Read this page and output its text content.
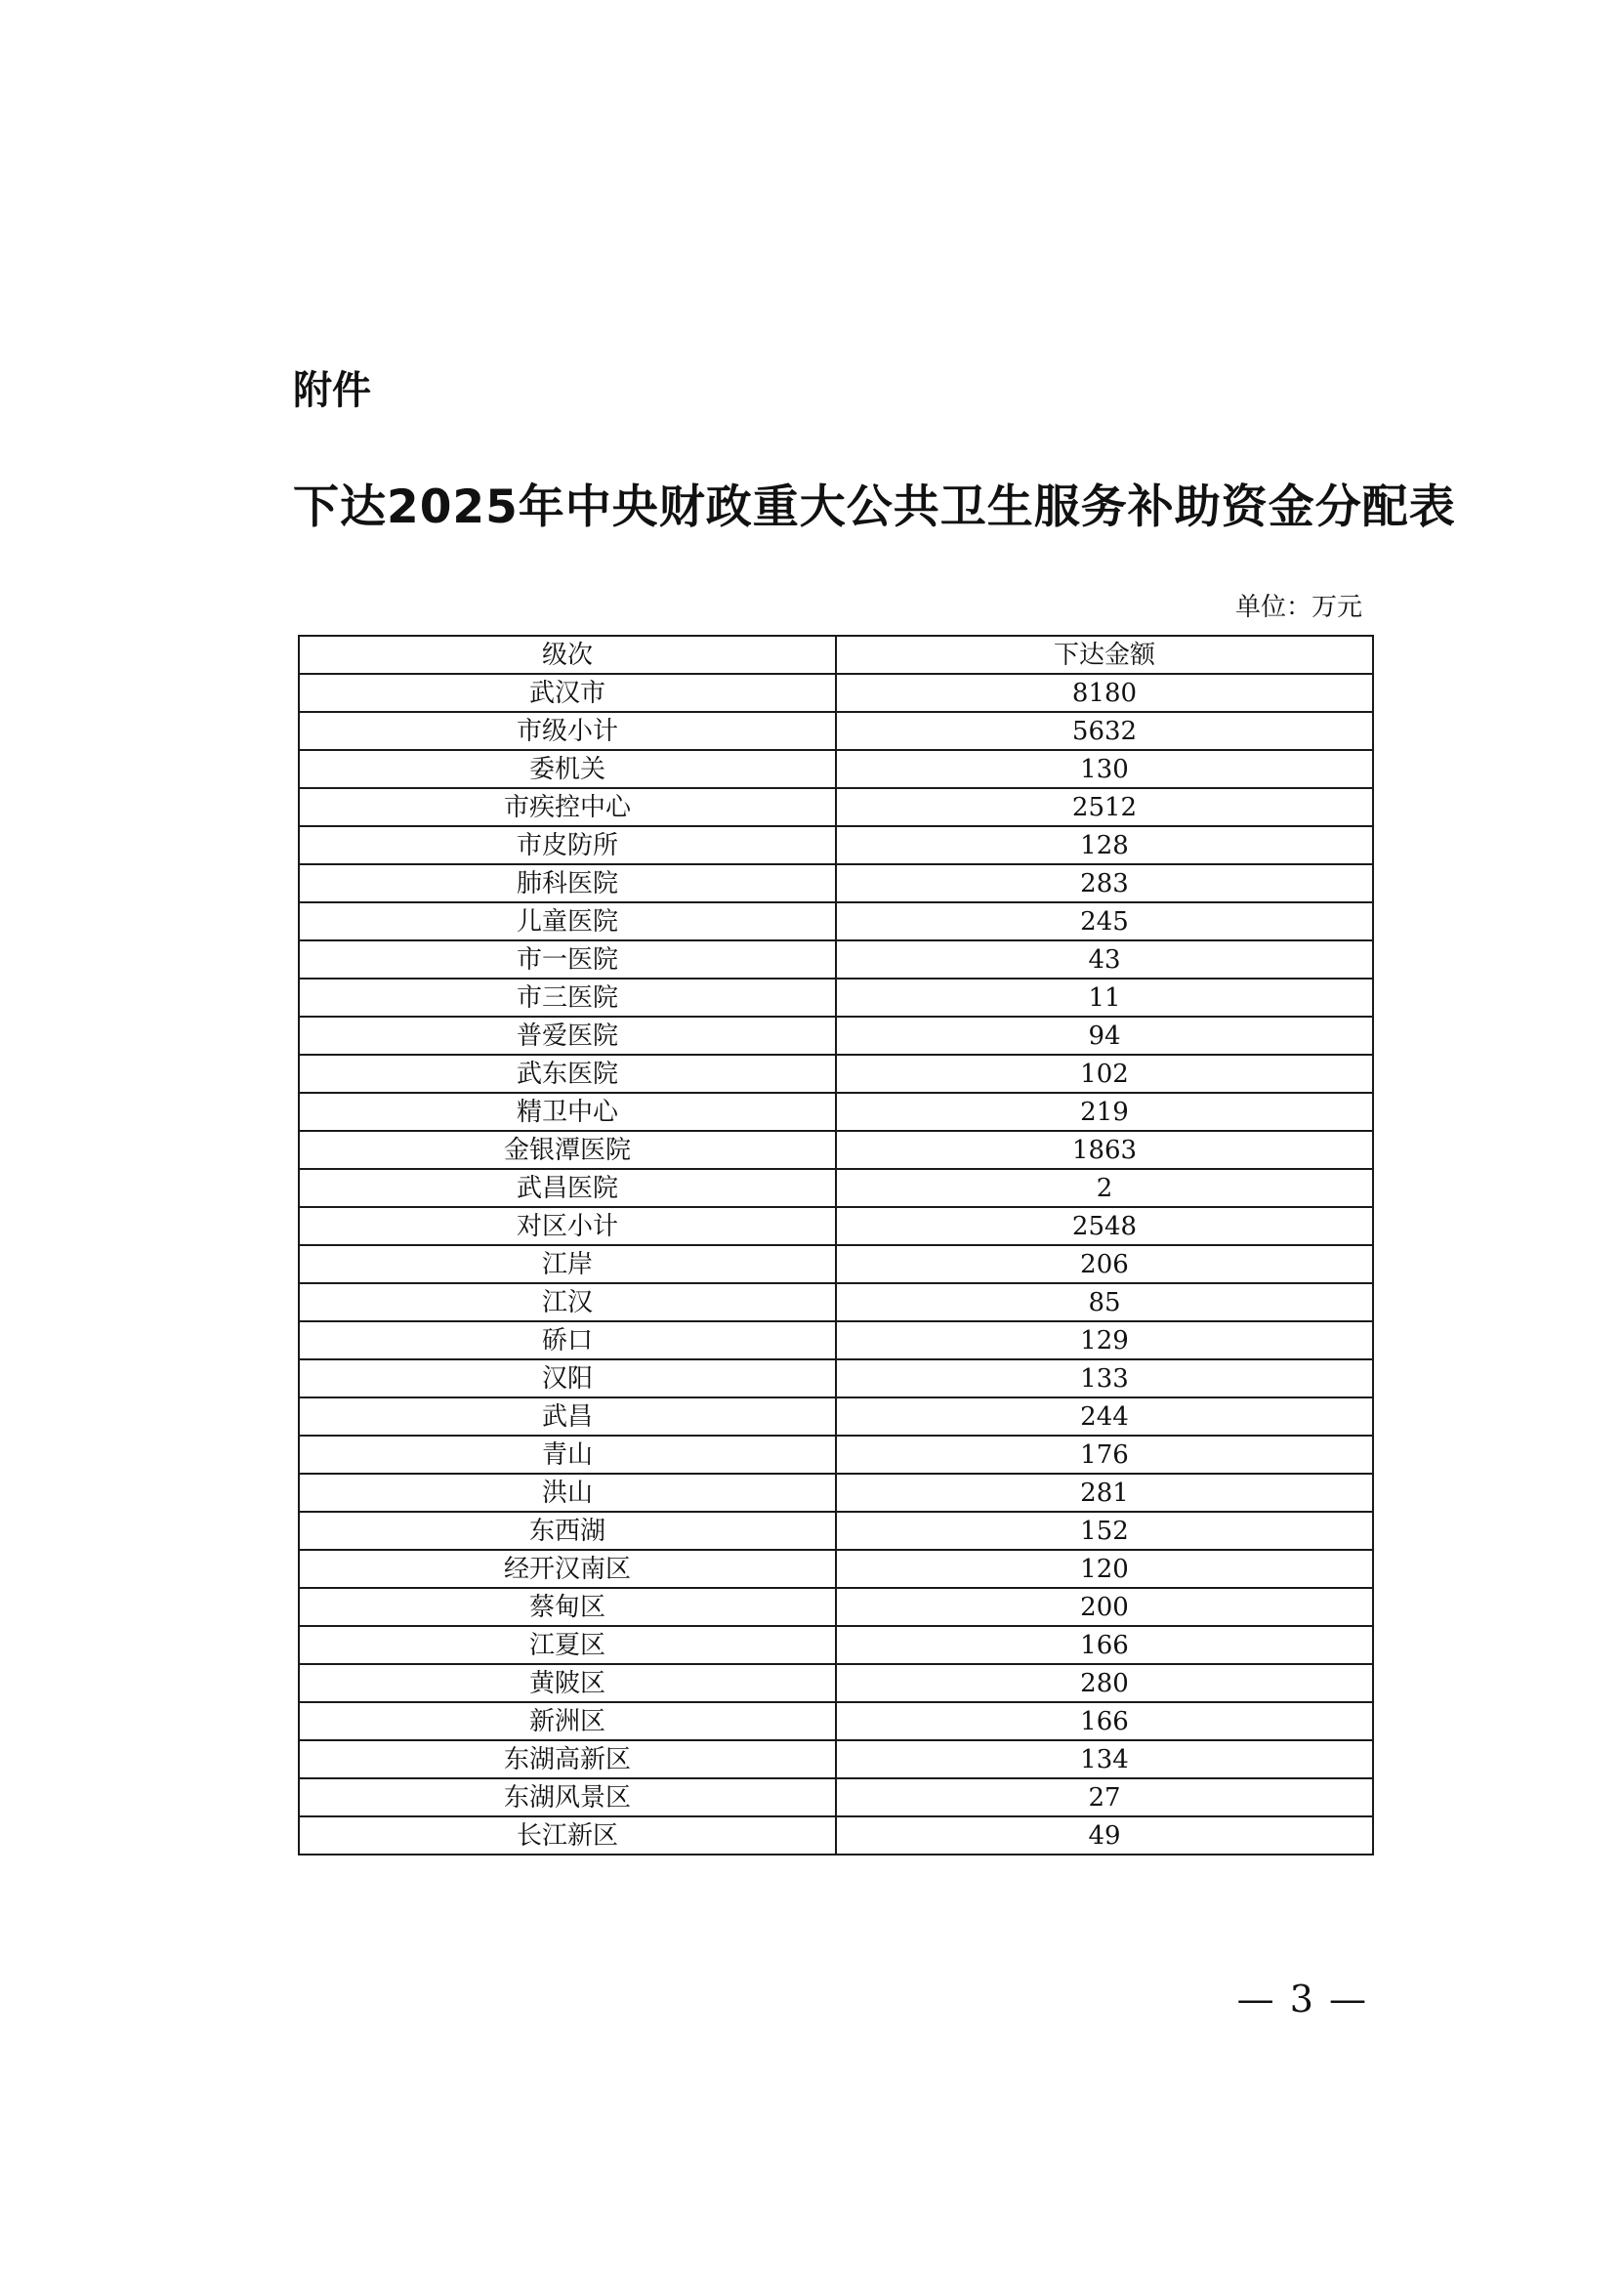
附件
下达2025年中央财政重大公共卫生服务补助资金分配表
单位：万元
级次	下达金额
武汉市	8180
市级小计	5632
委机关	130
市疾控中心	2512
市皮防所	128
肺科医院	283
儿童医院	245
市一医院	43
市三医院	11
普爱医院	94
武东医院	102
精卫中心	219
金银潭医院	1863
武昌医院	2
对区小计	2548
江岸	206
江汉	85
硚口	129
汉阳	133
武昌	244
青山	176
洪山	281
东西湖	152
经开汉南区	120
蔡甸区	200
江夏区	166
黄陂区	280
新洲区	166
东湖高新区	134
东湖风景区	27
长江新区	49
— 3 —
